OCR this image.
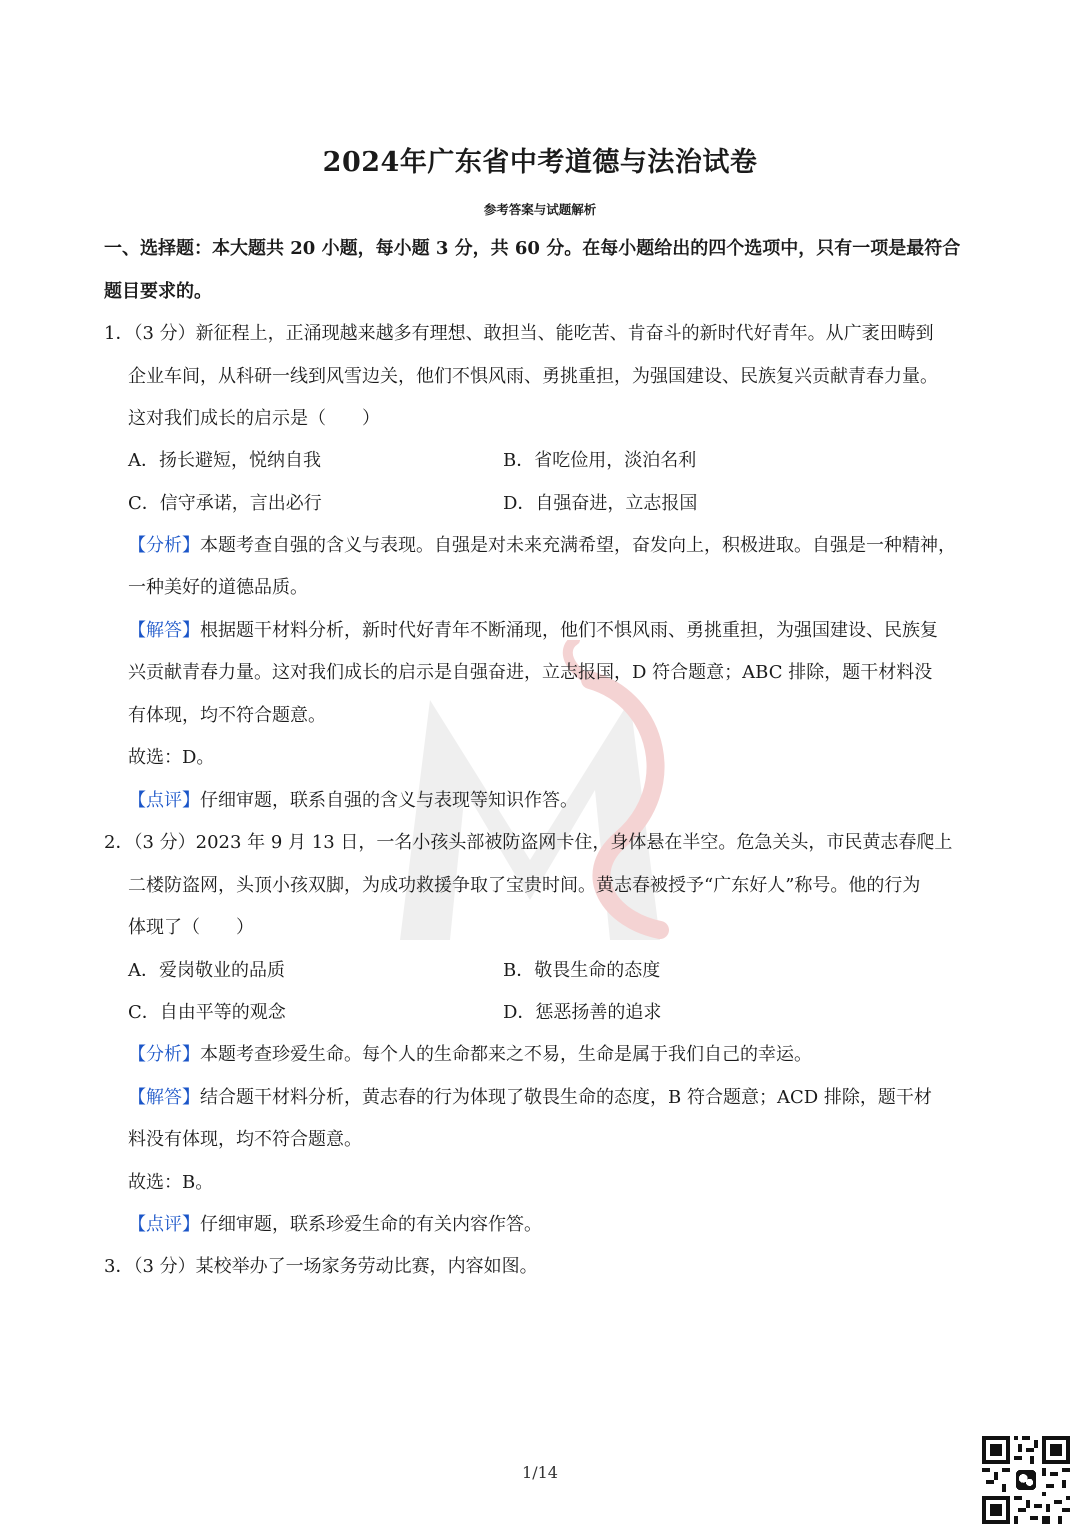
2024年广东省中考道德与法治试卷
参考答案与试题解析
一、选择题：本大题共 20 小题，每小题 3 分，共 60 分。在每小题给出的四个选项中，只有一项是最符合
题目要求的。
1．（3 分）新征程上，正涌现越来越多有理想、敢担当、能吃苦、肯奋斗的新时代好青年。从广袤田畴到
企业车间，从科研一线到风雪边关，他们不惧风雨、勇挑重担，为强国建设、民族复兴贡献青春力量。
这对我们成长的启示是（　　）
A．扬长避短，悦纳自我	B．省吃俭用，淡泊名利
C．信守承诺，言出必行	D．自强奋进，立志报国
【分析】本题考查自强的含义与表现。自强是对未来充满希望，奋发向上，积极进取。自强是一种精神，
一种美好的道德品质。
【解答】根据题干材料分析，新时代好青年不断涌现，他们不惧风雨、勇挑重担，为强国建设、民族复
兴贡献青春力量。这对我们成长的启示是自强奋进，立志报国，D 符合题意；ABC 排除，题干材料没
有体现，均不符合题意。
故选：D。
【点评】仔细审题，联系自强的含义与表现等知识作答。
2．（3 分）2023 年 9 月 13 日，一名小孩头部被防盗网卡住，身体悬在半空。危急关头，市民黄志春爬上
二楼防盗网，头顶小孩双脚，为成功救援争取了宝贵时间。黄志春被授予“广东好人”称号。他的行为
体现了（　　）
A．爱岗敬业的品质	B．敬畏生命的态度
C．自由平等的观念	D．惩恶扬善的追求
【分析】本题考查珍爱生命。每个人的生命都来之不易，生命是属于我们自己的幸运。
【解答】结合题干材料分析，黄志春的行为体现了敬畏生命的态度，B 符合题意；ACD 排除，题干材
料没有体现，均不符合题意。
故选：B。
【点评】仔细审题，联系珍爱生命的有关内容作答。
3．（3 分）某校举办了一场家务劳动比赛，内容如图。
1/14
